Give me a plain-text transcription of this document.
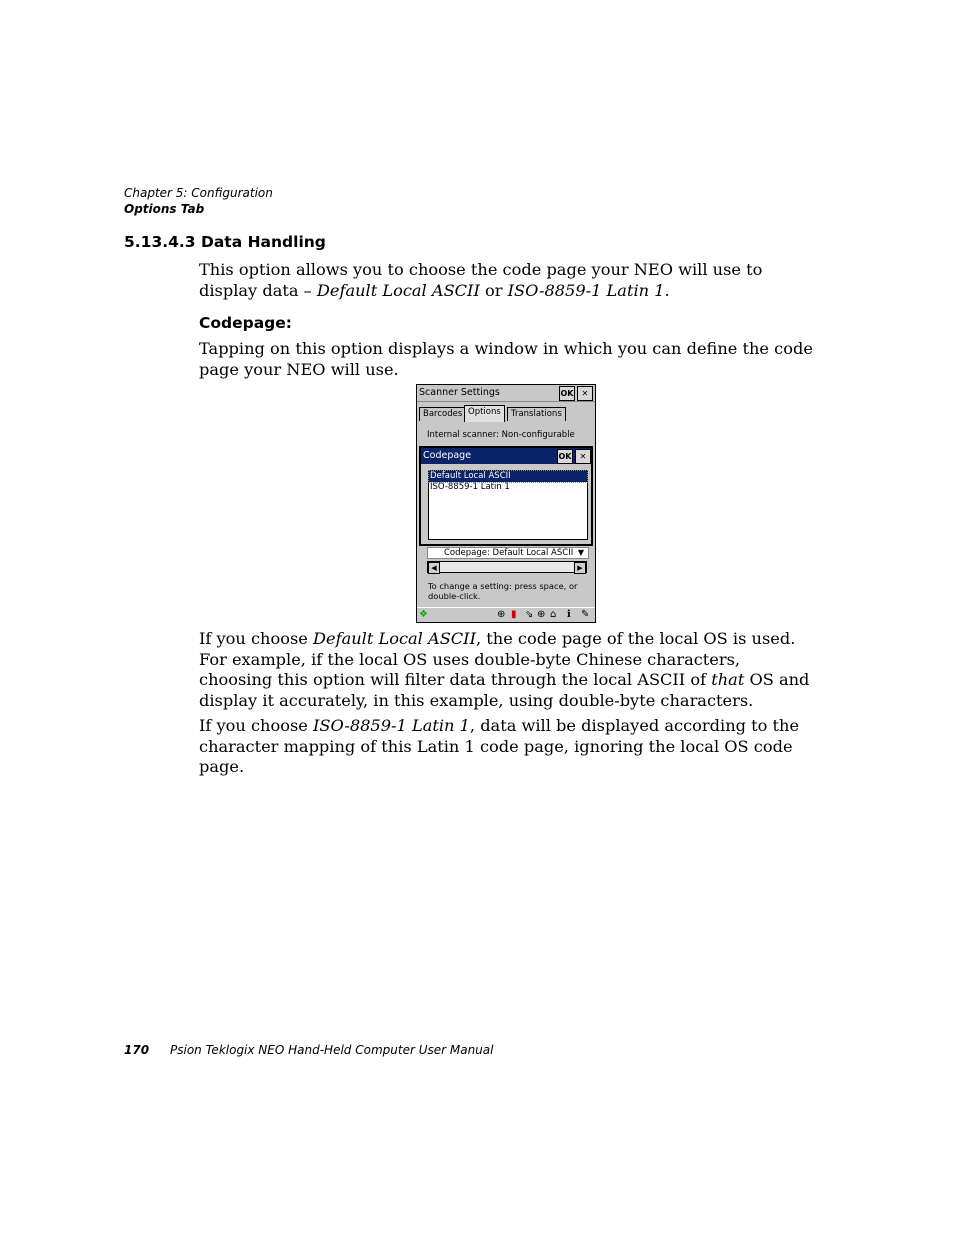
Chapter 5: Configuration
Options Tab
5.13.4.3 Data Handling
This option allows you to choose the code page your NEO will use to display data – Default Local ASCII or ISO-8859-1 Latin 1.
Codepage:
Tapping on this option displays a window in which you can define the code page your NEO will use.
Scanner Settings	OK	✕
Barcodes Options	Translations
Internal scanner: Non-configurable
Codepage	OK	✕
Default Local ASCII
ISO-8859-1 Latin 1
Codepage: Default Local ASCII ▼
◀	▶
To change a setting: press space, or double-click.
❖	⊕ ▮ ⇘ ⊕ ⌂ ℹ ✎
If you choose Default Local ASCII, the code page of the local OS is used. For example, if the local OS uses double-byte Chinese characters, choosing this option will filter data through the local ASCII of that OS and display it accurately, in this example, using double-byte characters.
If you choose ISO-8859-1 Latin 1, data will be displayed according to the character mapping of this Latin 1 code page, ignoring the local OS code page.
170 Psion Teklogix NEO Hand-Held Computer User Manual
